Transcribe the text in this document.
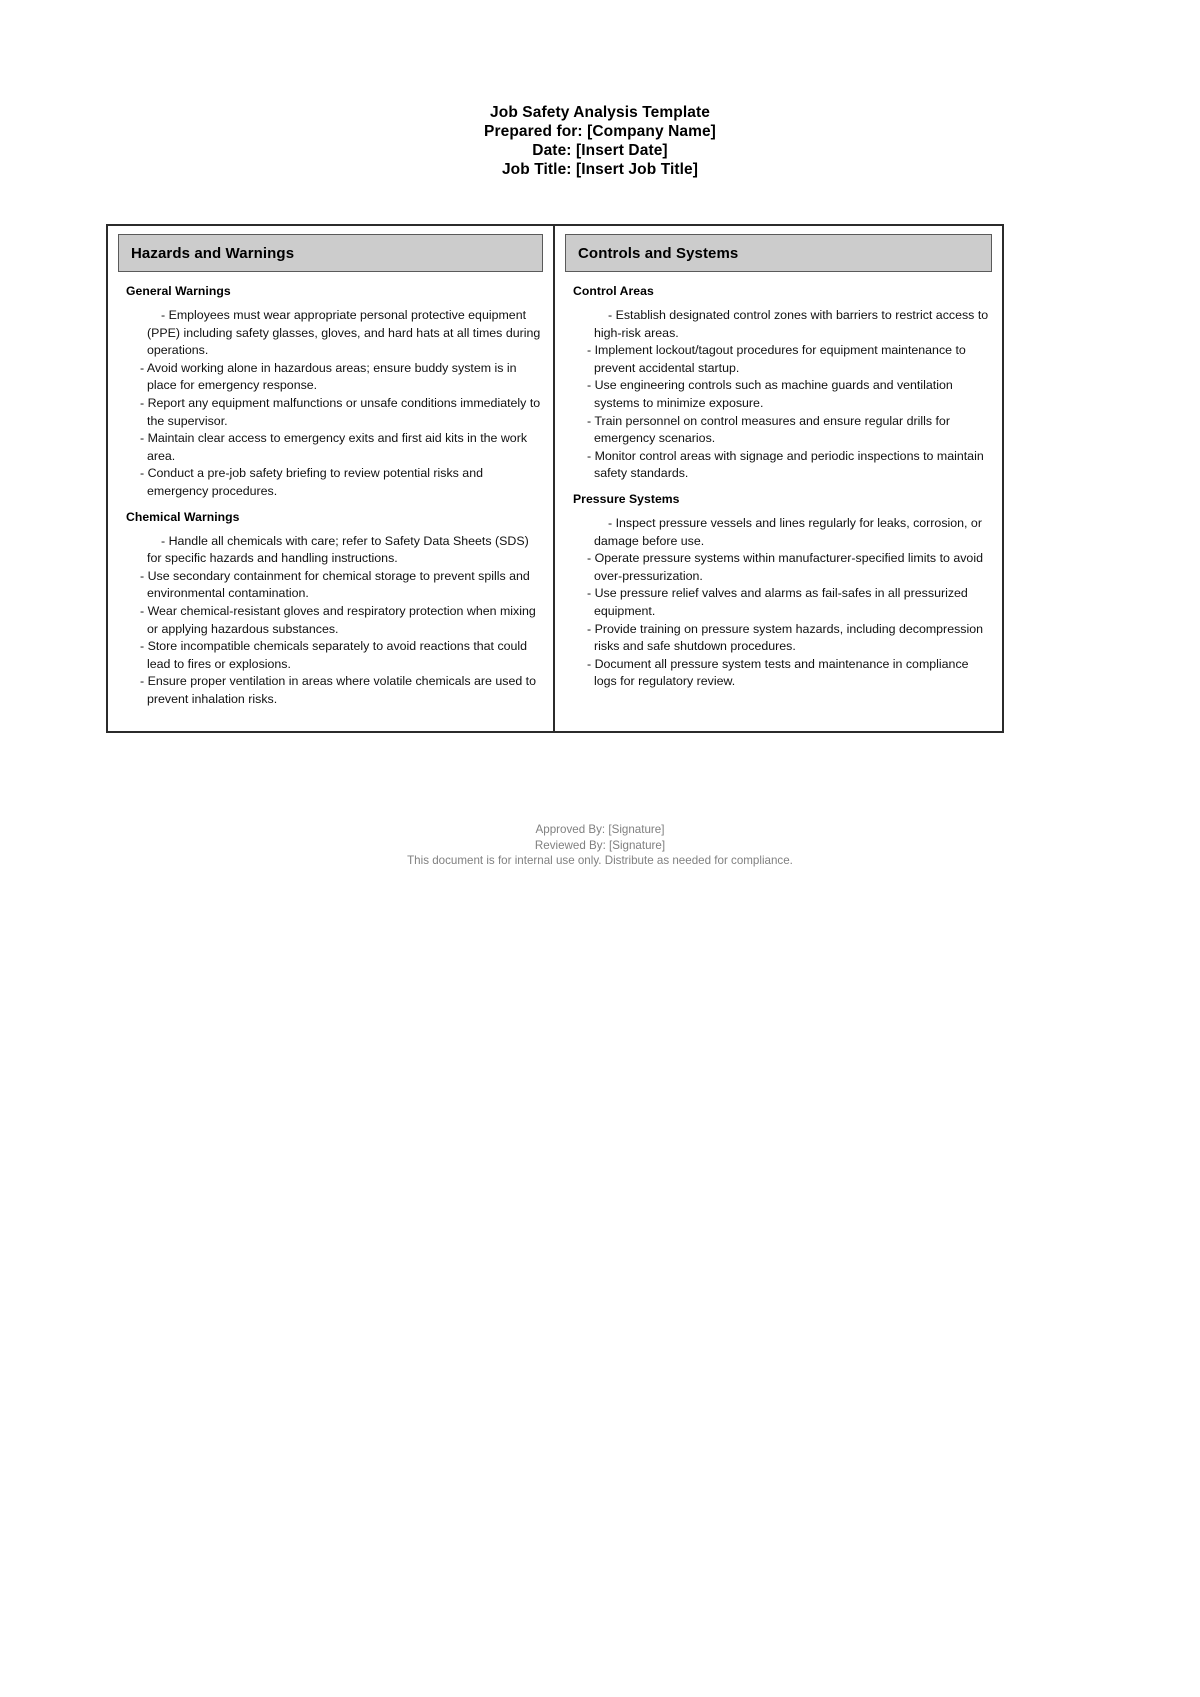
Job Safety Analysis Template
Prepared for: [Company Name]
Date: [Insert Date]
Job Title: [Insert Job Title]
Hazards and Warnings
General Warnings
- Employees must wear appropriate personal protective equipment (PPE) including safety glasses, gloves, and hard hats at all times during operations.
- Avoid working alone in hazardous areas; ensure buddy system is in place for emergency response.
- Report any equipment malfunctions or unsafe conditions immediately to the supervisor.
- Maintain clear access to emergency exits and first aid kits in the work area.
- Conduct a pre-job safety briefing to review potential risks and emergency procedures.
Chemical Warnings
- Handle all chemicals with care; refer to Safety Data Sheets (SDS) for specific hazards and handling instructions.
- Use secondary containment for chemical storage to prevent spills and environmental contamination.
- Wear chemical-resistant gloves and respiratory protection when mixing or applying hazardous substances.
- Store incompatible chemicals separately to avoid reactions that could lead to fires or explosions.
- Ensure proper ventilation in areas where volatile chemicals are used to prevent inhalation risks.
Controls and Systems
Control Areas
- Establish designated control zones with barriers to restrict access to high-risk areas.
- Implement lockout/tagout procedures for equipment maintenance to prevent accidental startup.
- Use engineering controls such as machine guards and ventilation systems to minimize exposure.
- Train personnel on control measures and ensure regular drills for emergency scenarios.
- Monitor control areas with signage and periodic inspections to maintain safety standards.
Pressure Systems
- Inspect pressure vessels and lines regularly for leaks, corrosion, or damage before use.
- Operate pressure systems within manufacturer-specified limits to avoid over-pressurization.
- Use pressure relief valves and alarms as fail-safes in all pressurized equipment.
- Provide training on pressure system hazards, including decompression risks and safe shutdown procedures.
- Document all pressure system tests and maintenance in compliance logs for regulatory review.
Approved By: [Signature]
Reviewed By: [Signature]
This document is for internal use only. Distribute as needed for compliance.
